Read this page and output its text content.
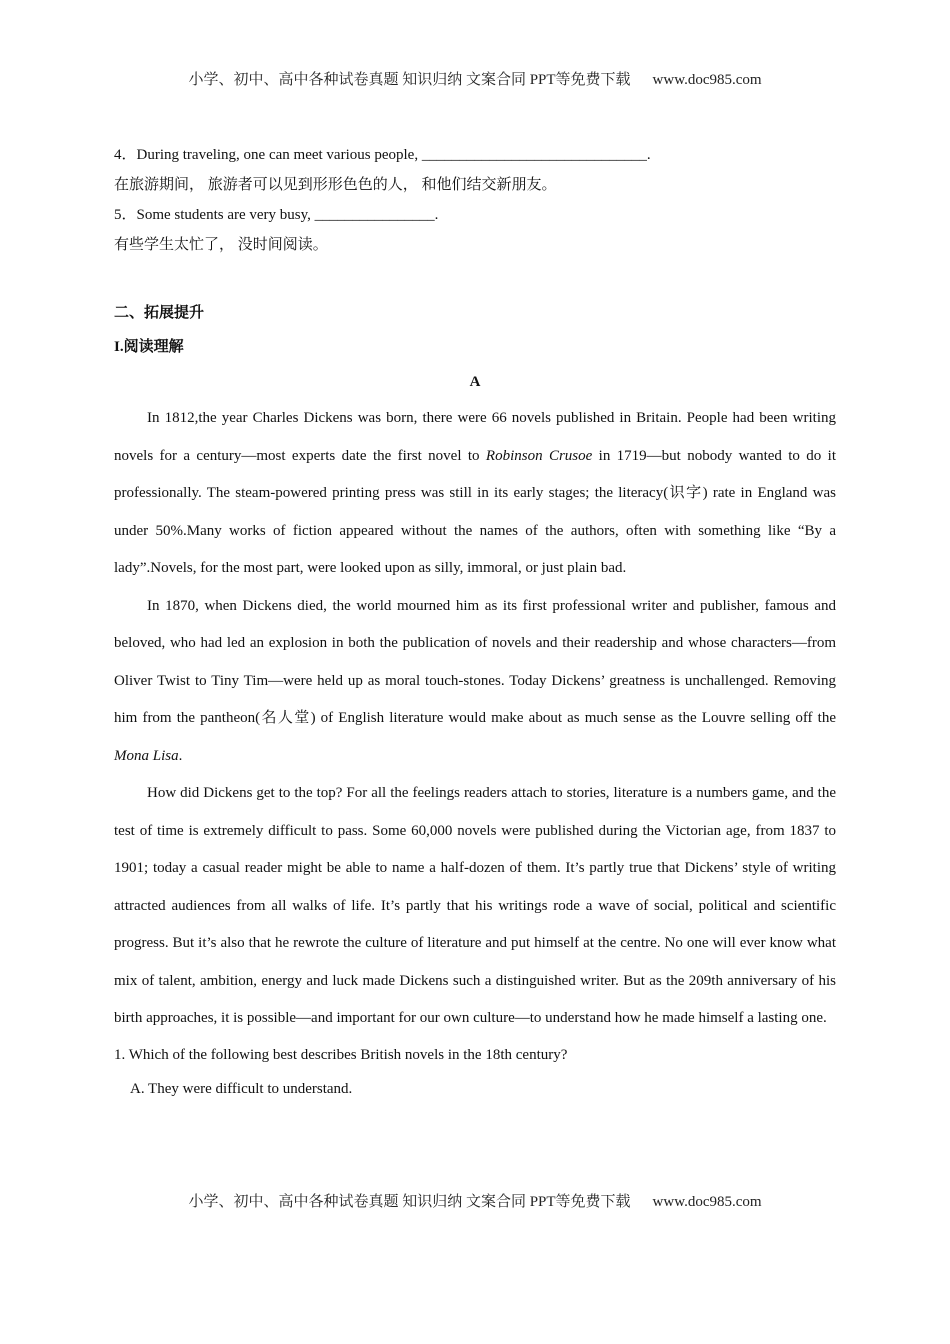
小学、初中、高中各种试卷真题 知识归纳 文案合同 PPT等免费下载 www.doc985.com

4．During traveling, one can meet various people, ______________________________.

在旅游期间， 旅游者可以见到形形色色的人， 和他们结交新朋友。

5．Some students are very busy, ________________.

有些学生太忙了， 没时间阅读。

二、拓展提升

I.阅读理解

A

In 1812,the year Charles Dickens was born, there were 66 novels published in Britain. People had been writing novels for a century—most experts date the first novel to Robinson Crusoe in 1719—but nobody wanted to do it professionally. The steam-powered printing press was still in its early stages; the literacy(识字) rate in England was under 50%.Many works of fiction appeared without the names of the authors, often with something like “By a lady”.Novels, for the most part, were looked upon as silly, immoral, or just plain bad.

In 1870, when Dickens died, the world mourned him as its first professional writer and publisher, famous and beloved, who had led an explosion in both the publication of novels and their readership and whose characters—from Oliver Twist to Tiny Tim—were held up as moral touch-stones. Today Dickens’ greatness is unchallenged. Removing him from the pantheon(名人堂) of English literature would make about as much sense as the Louvre selling off the Mona Lisa.

How did Dickens get to the top? For all the feelings readers attach to stories, literature is a numbers game, and the test of time is extremely difficult to pass. Some 60,000 novels were published during the Victorian age, from 1837 to 1901; today a casual reader might be able to name a half-dozen of them. It’s partly true that Dickens’ style of writing attracted audiences from all walks of life. It’s partly that his writings rode a wave of social, political and scientific progress. But it’s also that he rewrote the culture of literature and put himself at the centre. No one will ever know what mix of talent, ambition, energy and luck made Dickens such a distinguished writer. But as the 209th anniversary of his birth approaches, it is possible—and important for our own culture—to understand how he made himself a lasting one.

1. Which of the following best describes British novels in the 18th century?

A. They were difficult to understand.

小学、初中、高中各种试卷真题 知识归纳 文案合同 PPT等免费下载 www.doc985.com
